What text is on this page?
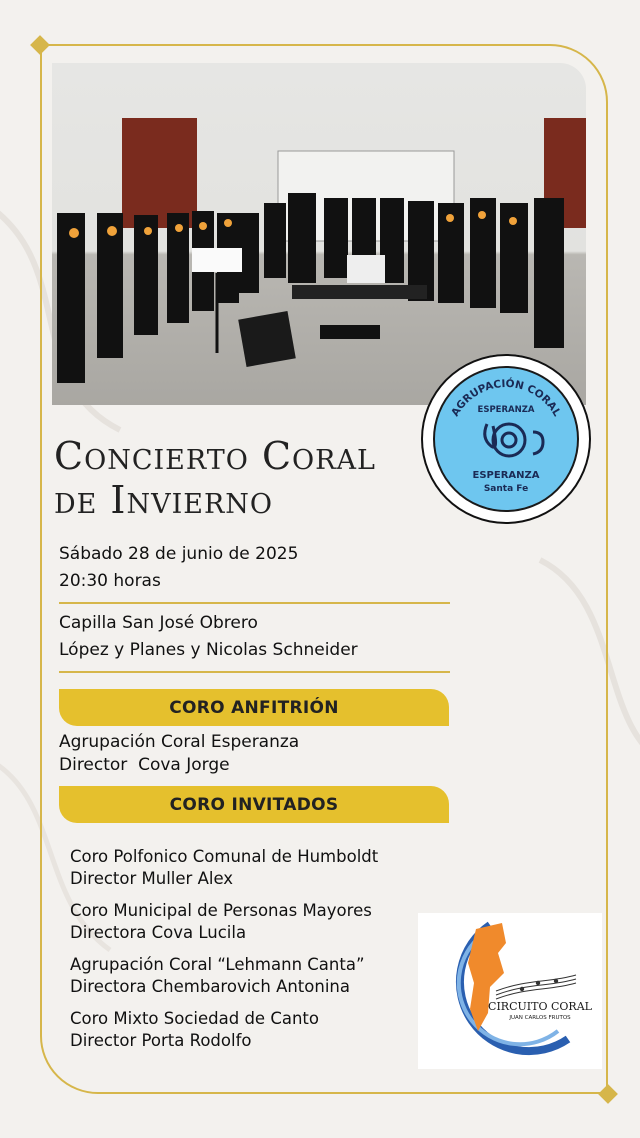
AGRUPACIÓN CORAL
ESPERANZA
ESPERANZA
Santa Fe
Concierto Coral
de Invierno
Sábado 28 de junio de 2025
20:30 horas
Capilla San José Obrero
López y Planes y Nicolas Schneider
CORO ANFITRIÓN
Agrupación Coral Esperanza
Director  Cova Jorge
CORO INVITADOS
Coro Polfonico Comunal de Humboldt
Director Muller Alex
Coro Municipal de Personas Mayores
Directora Cova Lucila
Agrupación Coral “Lehmann Canta”
Directora Chembarovich Antonina
Coro Mixto Sociedad de Canto
Director Porta Rodolfo
CIRCUITO CORAL
JUAN CARLOS FRUTOS
